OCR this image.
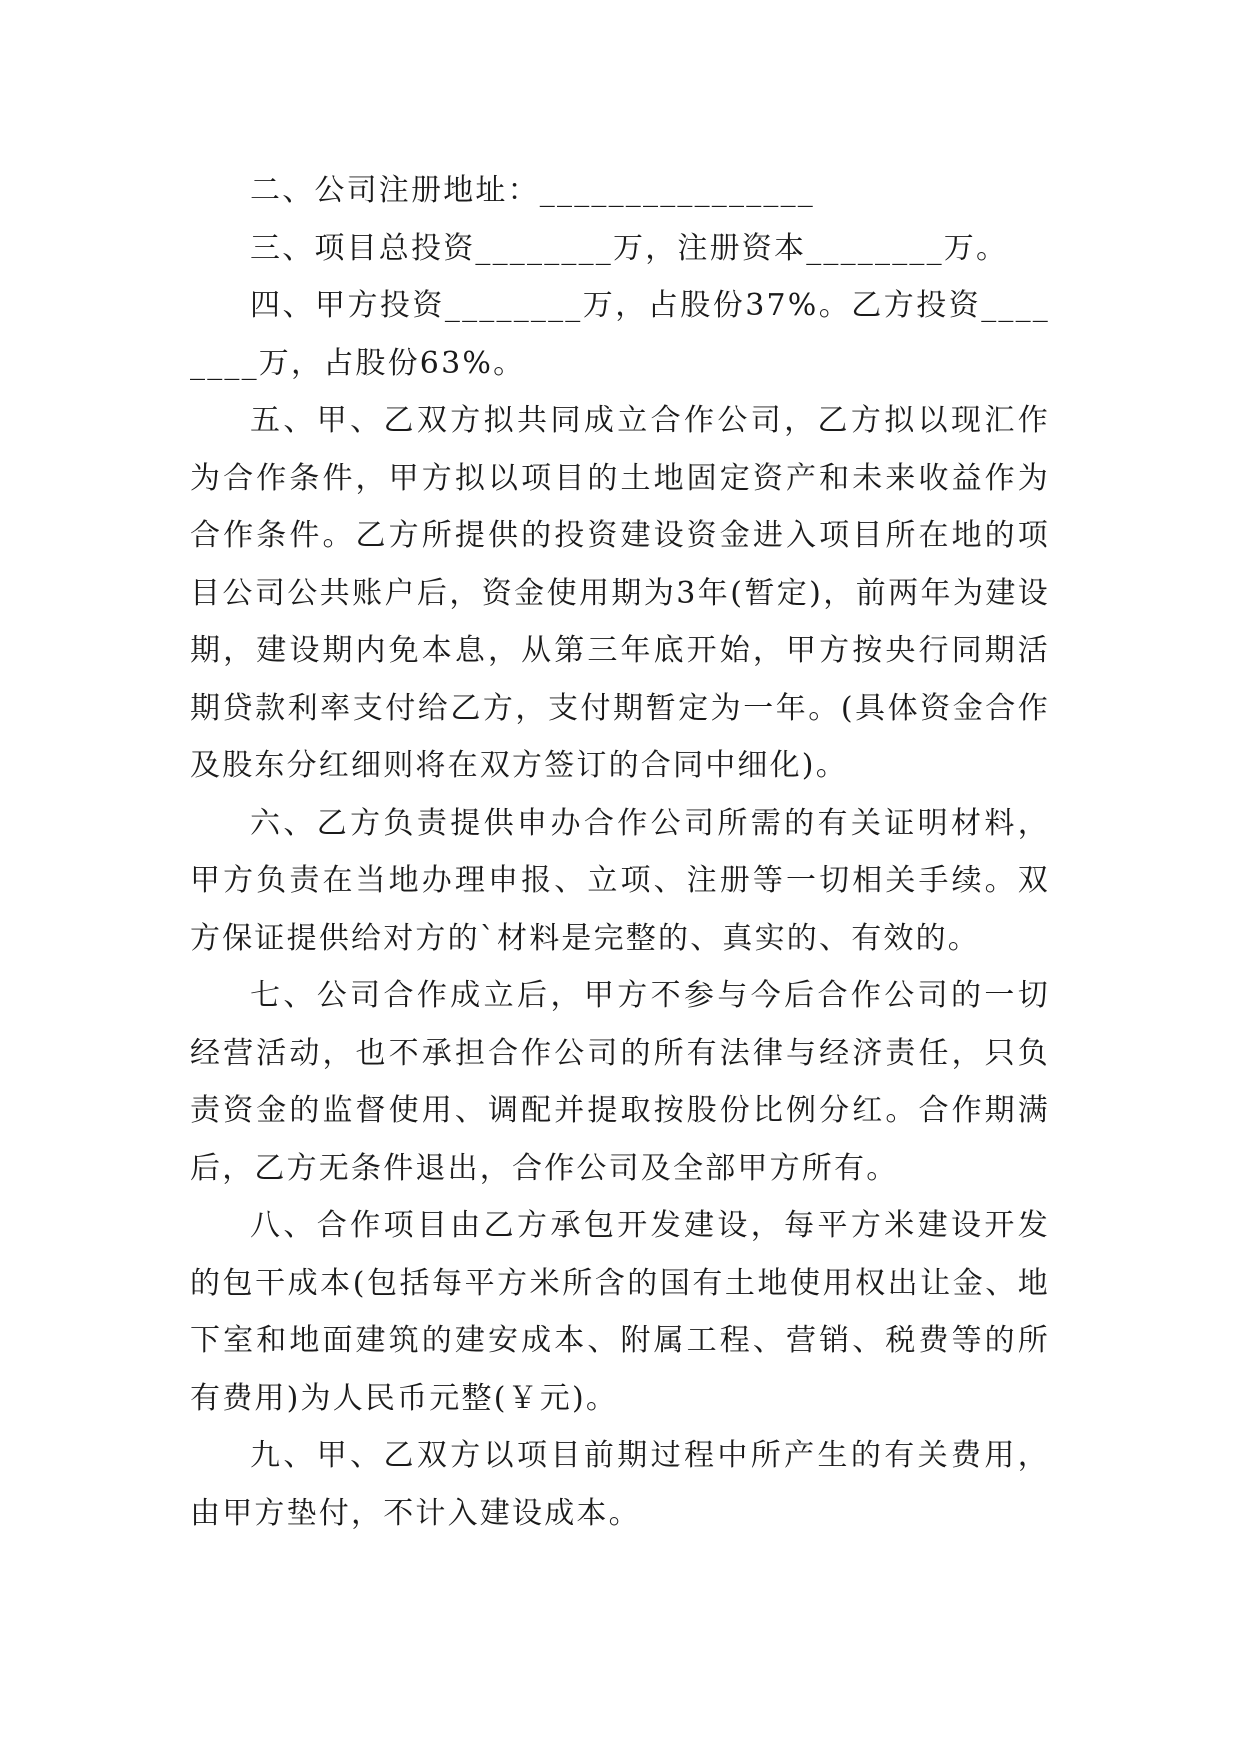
二、公司注册地址：________________

三、项目总投资________万，注册资本________万。

四、甲方投资________万，占股份37%。乙方投资________万，占股份63%。

五、甲、乙双方拟共同成立合作公司，乙方拟以现汇作为合作条件，甲方拟以项目的土地固定资产和未来收益作为合作条件。乙方所提供的投资建设资金进入项目所在地的项目公司公共账户后，资金使用期为3年(暂定)，前两年为建设期，建设期内免本息，从第三年底开始，甲方按央行同期活期贷款利率支付给乙方，支付期暂定为一年。(具体资金合作及股东分红细则将在双方签订的合同中细化)。

六、乙方负责提供申办合作公司所需的有关证明材料，甲方负责在当地办理申报、立项、注册等一切相关手续。双方保证提供给对方的`材料是完整的、真实的、有效的。

七、公司合作成立后，甲方不参与今后合作公司的一切经营活动，也不承担合作公司的所有法律与经济责任，只负责资金的监督使用、调配并提取按股份比例分红。合作期满后，乙方无条件退出，合作公司及全部甲方所有。

八、合作项目由乙方承包开发建设，每平方米建设开发的包干成本(包括每平方米所含的国有土地使用权出让金、地下室和地面建筑的建安成本、附属工程、营销、税费等的所有费用)为人民币元整(￥元)。

九、甲、乙双方以项目前期过程中所产生的有关费用，由甲方垫付，不计入建设成本。
